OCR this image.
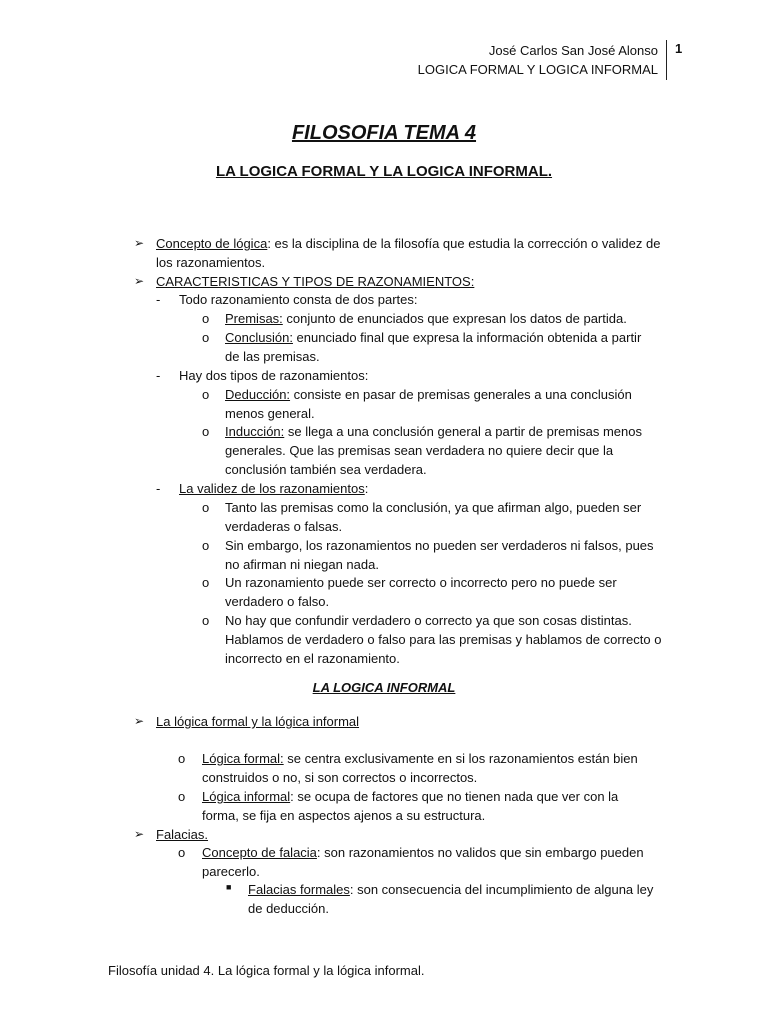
José Carlos San José Alonso
LOGICA FORMAL Y LOGICA INFORMAL
1
FILOSOFIA TEMA 4
LA LOGICA FORMAL Y LA LOGICA INFORMAL.
➢ Concepto de lógica: es la disciplina de la filosofía que estudia la corrección o validez de
los razonamientos.
➢ CARACTERISTICAS Y TIPOS DE RAZONAMIENTOS:
- Todo razonamiento consta de dos partes:
o Premisas: conjunto de enunciados que expresan los datos de partida.
o Conclusión: enunciado final que expresa la información obtenida a partir
de las premisas.
- Hay dos tipos de razonamientos:
o Deducción: consiste en pasar de premisas generales a una conclusión
menos general.
o Inducción: se llega a una conclusión general a partir de premisas menos
generales. Que las premisas sean verdadera no quiere decir que la
conclusión también sea verdadera.
- La validez de los razonamientos:
o Tanto las premisas como la conclusión, ya que afirman algo, pueden ser
verdaderas o falsas.
o Sin embargo, los razonamientos no pueden ser verdaderos ni falsos, pues
no afirman ni niegan nada.
o Un razonamiento puede ser correcto o incorrecto pero no puede ser
verdadero o falso.
o No hay que confundir verdadero o correcto ya que son cosas distintas.
Hablamos de verdadero o falso para las premisas y hablamos de correcto o
incorrecto en el razonamiento.
LA LOGICA INFORMAL
➢ La lógica formal y la lógica informal
o Lógica formal: se centra exclusivamente en si los razonamientos están bien
construidos o no, si son correctos o incorrectos.
o Lógica informal: se ocupa de factores que no tienen nada que ver con la
forma, se fija en aspectos ajenos a su estructura.
➢ Falacias.
o Concepto de falacia: son razonamientos no validos que sin embargo pueden
parecerlo.
■ Falacias formales: son consecuencia del incumplimiento de alguna ley
de deducción.
Filosofía unidad 4. La lógica formal y la lógica informal.
